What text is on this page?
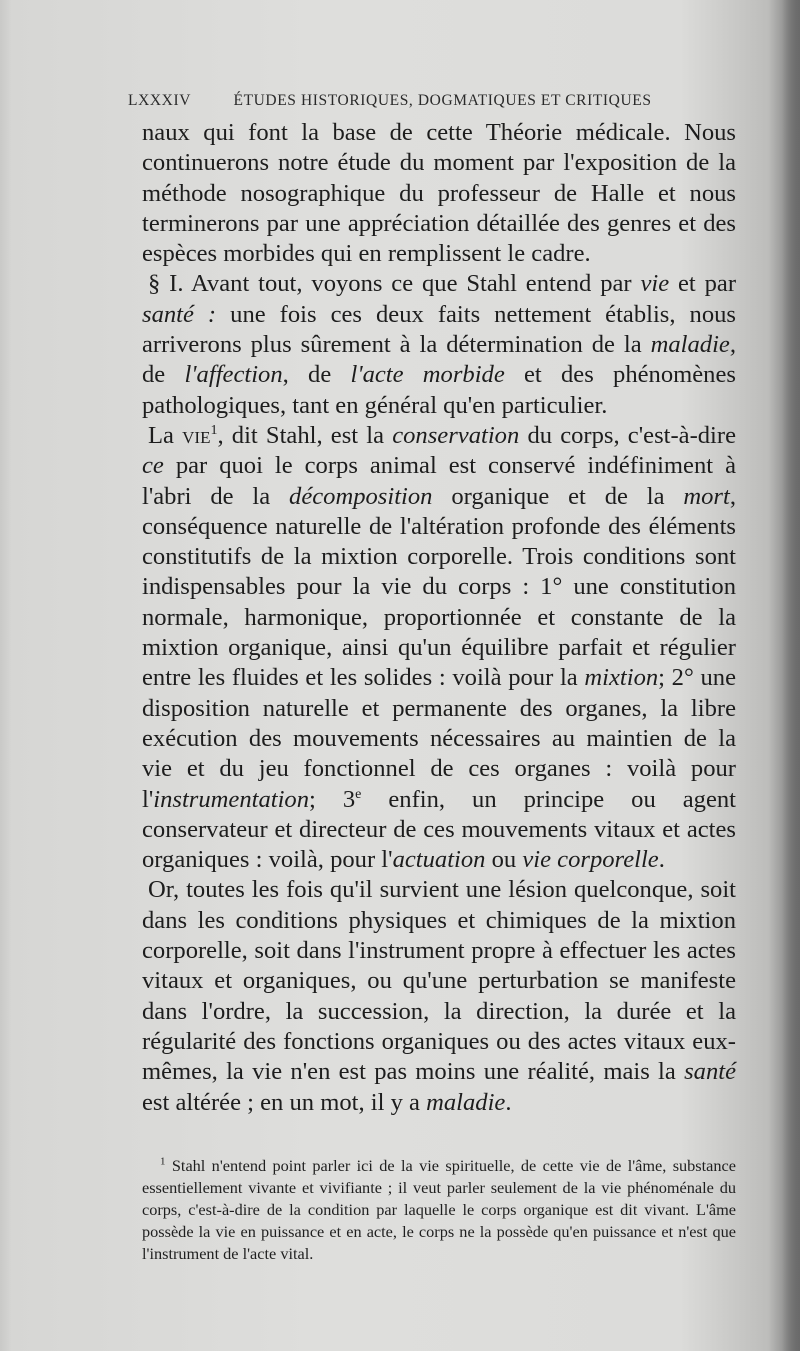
LXXXIV	ÉTUDES HISTORIQUES, DOGMATIQUES ET CRITIQUES

naux qui font la base de cette Théorie médicale. Nous continuerons notre étude du moment par l'exposition de la méthode nosographique du professeur de Halle et nous terminerons par une appréciation détaillée des genres et des espèces morbides qui en remplissent le cadre.

§ I. Avant tout, voyons ce que Stahl entend par vie et par santé : une fois ces deux faits nettement établis, nous arriverons plus sûrement à la détermination de la maladie, de l'affection, de l'acte morbide et des phénomènes pathologiques, tant en général qu'en particulier.

La vie$^1$, dit Stahl, est la conservation du corps, c'est-à-dire ce par quoi le corps animal est conservé indéfiniment à l'abri de la décomposition organique et de la mort, conséquence naturelle de l'altération profonde des éléments constitutifs de la mixtion corporelle. Trois conditions sont indispensables pour la vie du corps : 1° une constitution normale, harmonique, proportionnée et constante de la mixtion organique, ainsi qu'un équilibre parfait et régulier entre les fluides et les solides : voilà pour la mixtion; 2° une disposition naturelle et permanente des organes, la libre exécution des mouvements nécessaires au maintien de la vie et du jeu fonctionnel de ces organes : voilà pour l'instrumentation; 3e enfin, un principe ou agent conservateur et directeur de ces mouvements vitaux et actes organiques : voilà, pour l'actuation ou vie corporelle.

Or, toutes les fois qu'il survient une lésion quelconque, soit dans les conditions physiques et chimiques de la mixtion corporelle, soit dans l'instrument propre à effectuer les actes vitaux et organiques, ou qu'une perturbation se manifeste dans l'ordre, la succession, la direction, la durée et la régularité des fonctions organiques ou des actes vitaux eux-mêmes, la vie n'en est pas moins une réalité, mais la santé est altérée ; en un mot, il y a maladie.

$^1$ Stahl n'entend point parler ici de la vie spirituelle, de cette vie de l'âme, substance essentiellement vivante et vivifiante ; il veut parler seulement de la vie phénoménale du corps, c'est-à-dire de la condition par laquelle le corps organique est dit vivant. L'âme possède la vie en puissance et en acte, le corps ne la possède qu'en puissance et n'est que l'instrument de l'acte vital.
